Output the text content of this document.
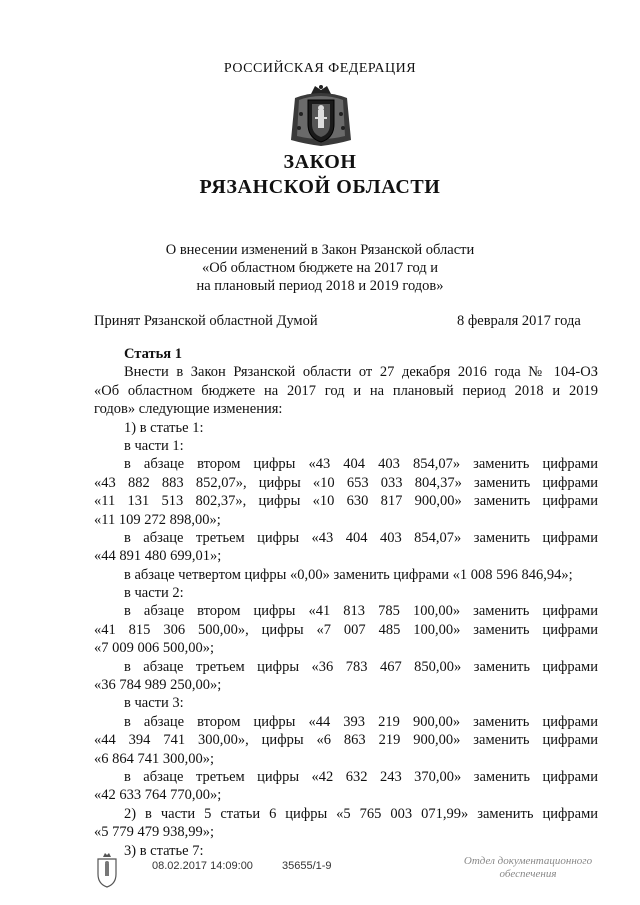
РОССИЙСКАЯ ФЕДЕРАЦИЯ
ЗАКОН
РЯЗАНСКОЙ ОБЛАСТИ
О внесении изменений в Закон Рязанской области
«Об областном бюджете на 2017 год и
на плановый период 2018 и 2019 годов»
Принят Рязанской областной Думой	8 февраля 2017 года
Статья 1
Внести в Закон Рязанской области от 27 декабря 2016 года № 104-ОЗ
«Об областном бюджете на 2017 год и на плановый период 2018 и 2019
годов» следующие изменения:
1) в статье 1:
в части 1:
в абзаце втором цифры «43 404 403 854,07» заменить цифрами
«43 882 883 852,07», цифры «10 653 033 804,37» заменить цифрами
«11 131 513 802,37», цифры «10 630 817 900,00» заменить цифрами
«11 109 272 898,00»;
в абзаце третьем цифры «43 404 403 854,07» заменить цифрами
«44 891 480 699,01»;
в абзаце четвертом цифры «0,00» заменить цифрами «1 008 596 846,94»;
в части 2:
в абзаце втором цифры «41 813 785 100,00» заменить цифрами
«41 815 306 500,00», цифры «7 007 485 100,00» заменить цифрами
«7 009 006 500,00»;
в абзаце третьем цифры «36 783 467 850,00» заменить цифрами
«36 784 989 250,00»;
в части 3:
в абзаце втором цифры «44 393 219 900,00» заменить цифрами
«44 394 741 300,00», цифры «6 863 219 900,00» заменить цифрами
«6 864 741 300,00»;
в абзаце третьем цифры «42 632 243 370,00» заменить цифрами
«42 633 764 770,00»;
2) в части 5 статьи 6 цифры «5 765 003 071,99» заменить цифрами
«5 779 479 938,99»;
3) в статье 7:
08.02.2017 14:09:00	35655/1-9	Отдел документационного
обеспечения
